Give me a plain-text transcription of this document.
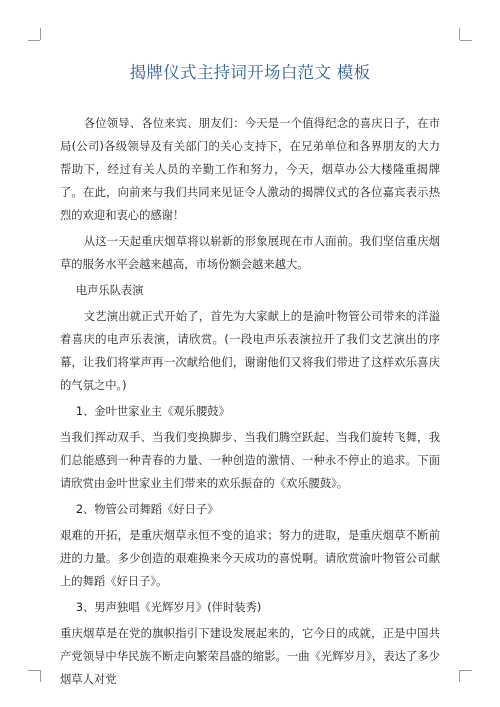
揭牌仪式主持词开场白范文 模板

各位领导、各位来宾、朋友们：今天是一个值得纪念的喜庆日子，在市局(公司)各级领导及有关部门的关心支持下，在兄弟单位和各界朋友的大力帮助下，经过有关人员的辛勤工作和努力，今天，烟草办公大楼隆重揭牌了。在此，向前来与我们共同来见证令人激动的揭牌仪式的各位嘉宾表示热烈的欢迎和衷心的感谢！

从这一天起重庆烟草将以崭新的形象展现在市人面前。我们坚信重庆烟草的服务水平会越来越高，市场份额会越来越大。

电声乐队表演

文艺演出就正式开始了，首先为大家献上的是渝叶物管公司带来的洋溢着喜庆的电声乐表演，请欣赏。(一段电声乐表演拉开了我们文艺演出的序幕，让我们将掌声再一次献给他们，谢谢他们又将我们带进了这样欢乐喜庆的气氛之中。)

1、金叶世家业主《观乐腰鼓》

当我们挥动双手、当我们变换脚步、当我们腾空跃起、当我们旋转飞舞，我们总能感到一种青春的力量、一种创造的激情、一种永不停止的追求。下面请欣赏由金叶世家业主们带来的欢乐振奋的《欢乐腰鼓》。

2、物管公司舞蹈《好日子》

艰难的开拓，是重庆烟草永恒不变的追求；努力的进取，是重庆烟草不断前进的力量。多少创造的艰难换来今天成功的喜悦啊。请欣赏渝叶物管公司献上的舞蹈《好日子》。

3、男声独唱《光辉岁月》(伴时装秀)

重庆烟草是在党的旗帜指引下建设发展起来的，它今日的成就，正是中国共产党领导中华民族不断走向繁荣昌盛的缩影。一曲《光辉岁月》，表达了多少烟草人对党
